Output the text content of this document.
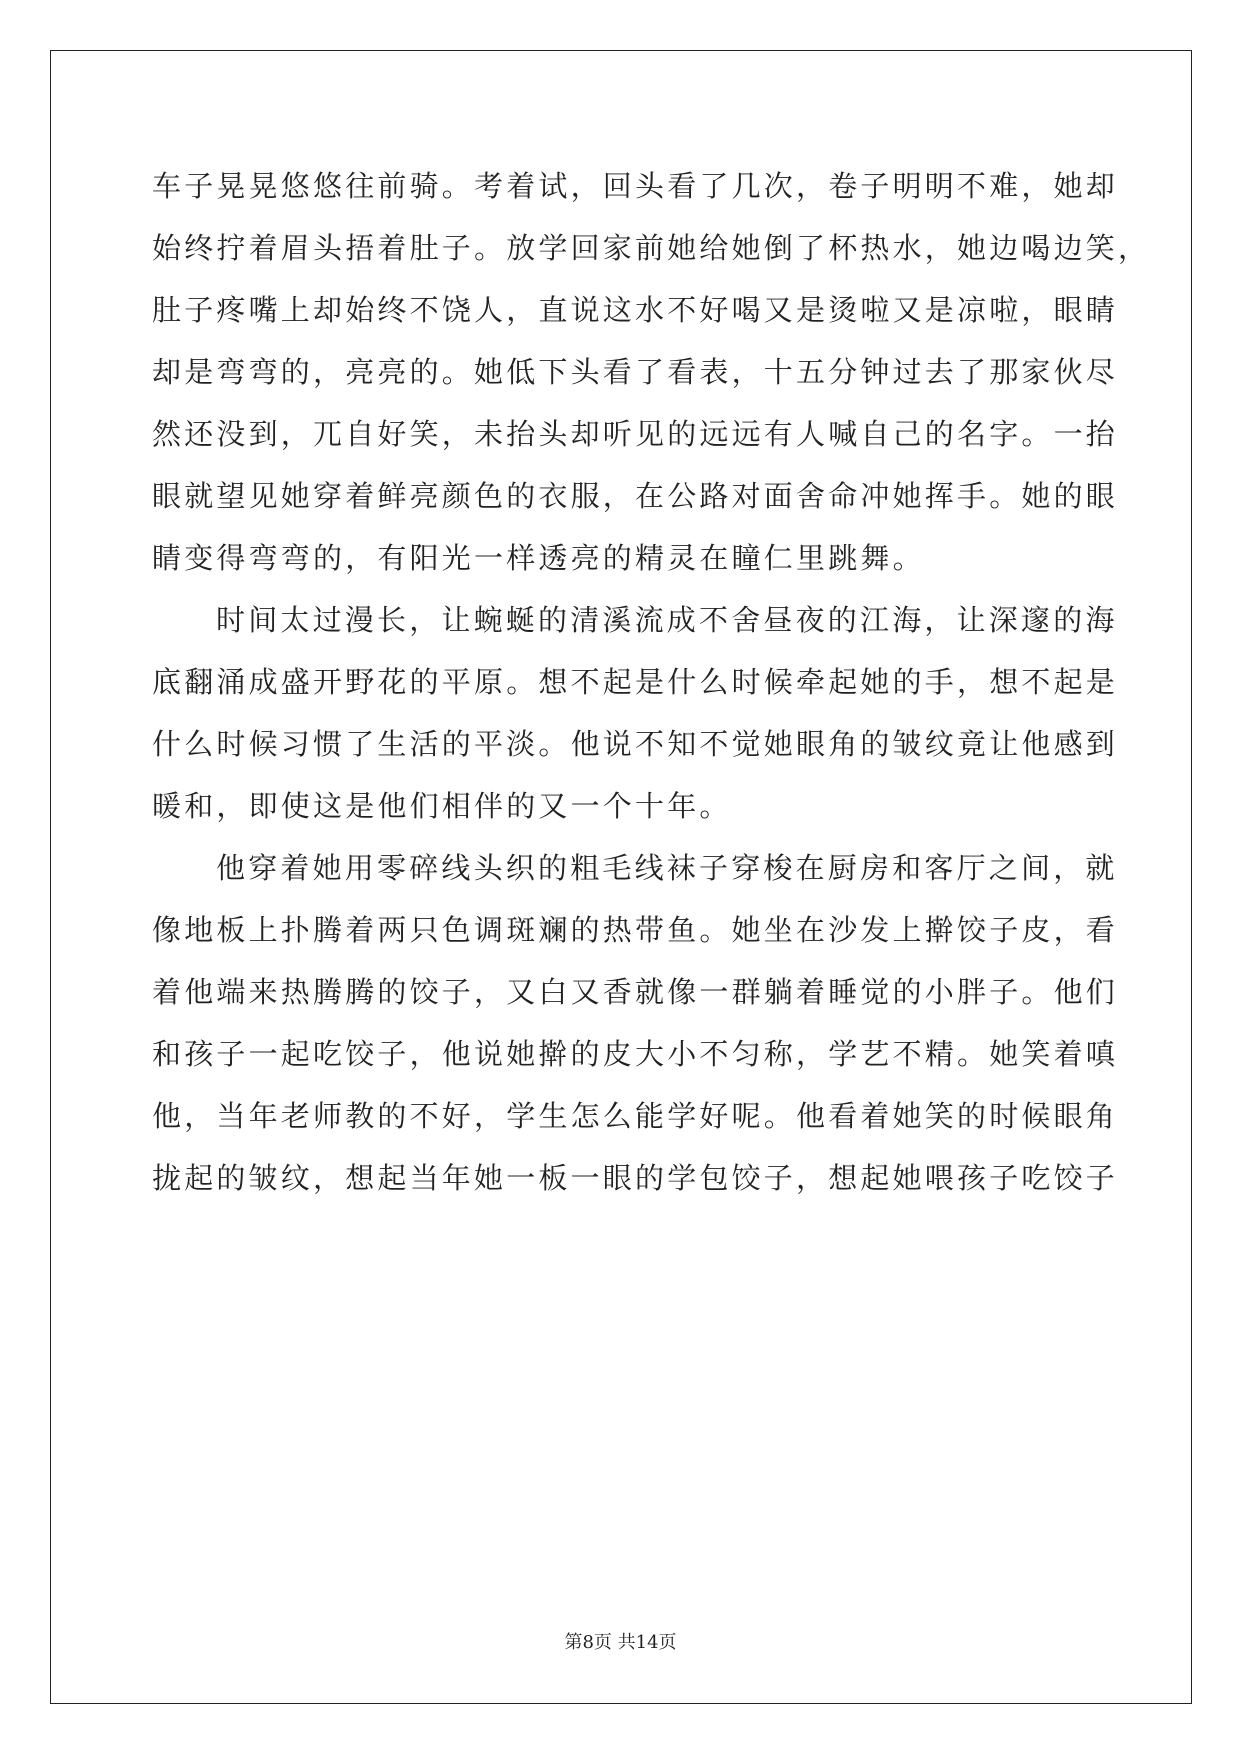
车子晃晃悠悠往前骑。考着试，回头看了几次，卷子明明不难，她却
始终拧着眉头捂着肚子。放学回家前她给她倒了杯热水，她边喝边笑，
肚子疼嘴上却始终不饶人，直说这水不好喝又是烫啦又是凉啦，眼睛
却是弯弯的，亮亮的。她低下头看了看表，十五分钟过去了那家伙尽
然还没到，兀自好笑，未抬头却听见的远远有人喊自己的名字。一抬
眼就望见她穿着鲜亮颜色的衣服，在公路对面舍命冲她挥手。她的眼
睛变得弯弯的，有阳光一样透亮的精灵在瞳仁里跳舞。
时间太过漫长，让蜿蜒的清溪流成不舍昼夜的江海，让深邃的海
底翻涌成盛开野花的平原。想不起是什么时候牵起她的手，想不起是
什么时候习惯了生活的平淡。他说不知不觉她眼角的皱纹竟让他感到
暖和，即使这是他们相伴的又一个十年。
他穿着她用零碎线头织的粗毛线袜子穿梭在厨房和客厅之间，就
像地板上扑腾着两只色调斑斓的热带鱼。她坐在沙发上擀饺子皮，看
着他端来热腾腾的饺子，又白又香就像一群躺着睡觉的小胖子。他们
和孩子一起吃饺子，他说她擀的皮大小不匀称，学艺不精。她笑着嗔
他，当年老师教的不好，学生怎么能学好呢。他看着她笑的时候眼角
拢起的皱纹，想起当年她一板一眼的学包饺子，想起她喂孩子吃饺子
第8页 共14页
